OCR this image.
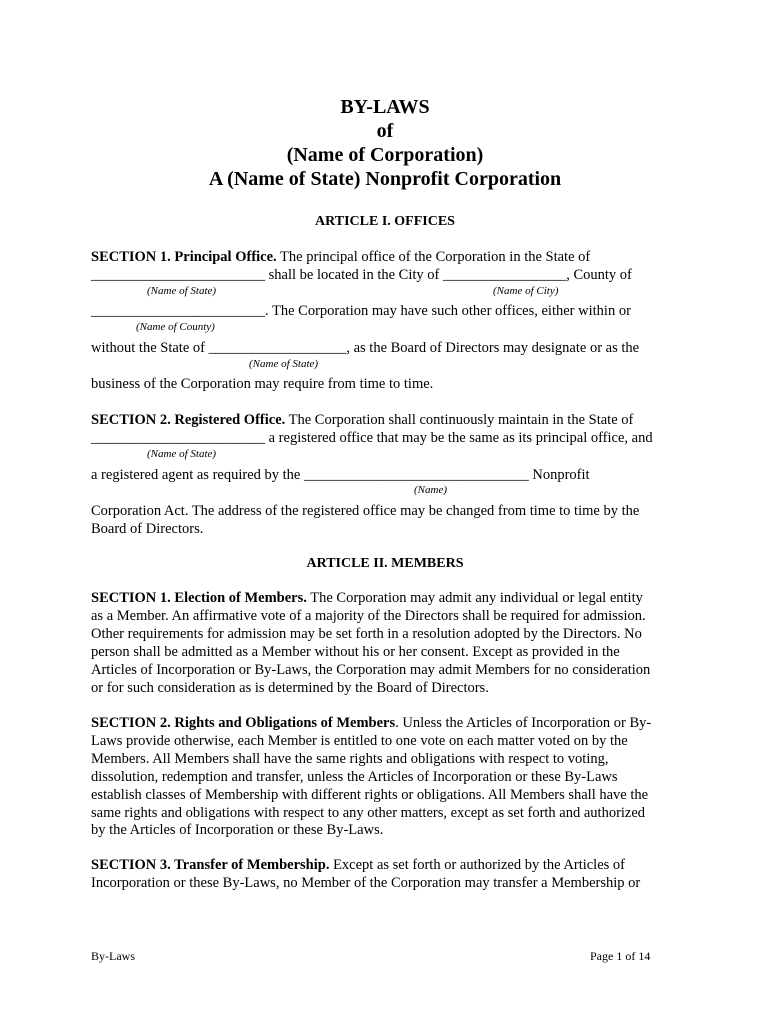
BY-LAWS
of
(Name of Corporation)
A (Name of State) Nonprofit Corporation
ARTICLE I. OFFICES
SECTION 1. Principal Office. The principal office of the Corporation in the State of
________________________ shall be located in the City of _________________, County of
(Name of State)	(Name of City)
________________________. The Corporation may have such other offices, either within or
(Name of County)
without the State of ___________________, as the Board of Directors may designate or as the
(Name of State)
business of the Corporation may require from time to time.
SECTION 2. Registered Office. The Corporation shall continuously maintain in the State of
________________________ a registered office that may be the same as its principal office, and
(Name of State)
a registered agent as required by the _______________________________ Nonprofit
(Name)
Corporation Act. The address of the registered office may be changed from time to time by the
Board of Directors.
ARTICLE II. MEMBERS
SECTION 1. Election of Members. The Corporation may admit any individual or legal entity
as a Member. An affirmative vote of a majority of the Directors shall be required for admission.
Other requirements for admission may be set forth in a resolution adopted by the Directors. No
person shall be admitted as a Member without his or her consent. Except as provided in the
Articles of Incorporation or By-Laws, the Corporation may admit Members for no consideration
or for such consideration as is determined by the Board of Directors.
SECTION 2. Rights and Obligations of Members. Unless the Articles of Incorporation or By-
Laws provide otherwise, each Member is entitled to one vote on each matter voted on by the
Members. All Members shall have the same rights and obligations with respect to voting,
dissolution, redemption and transfer, unless the Articles of Incorporation or these By-Laws
establish classes of Membership with different rights or obligations. All Members shall have the
same rights and obligations with respect to any other matters, except as set forth and authorized
by the Articles of Incorporation or these By-Laws.
SECTION 3. Transfer of Membership. Except as set forth or authorized by the Articles of
Incorporation or these By-Laws, no Member of the Corporation may transfer a Membership or
By-Laws	Page 1 of 14
